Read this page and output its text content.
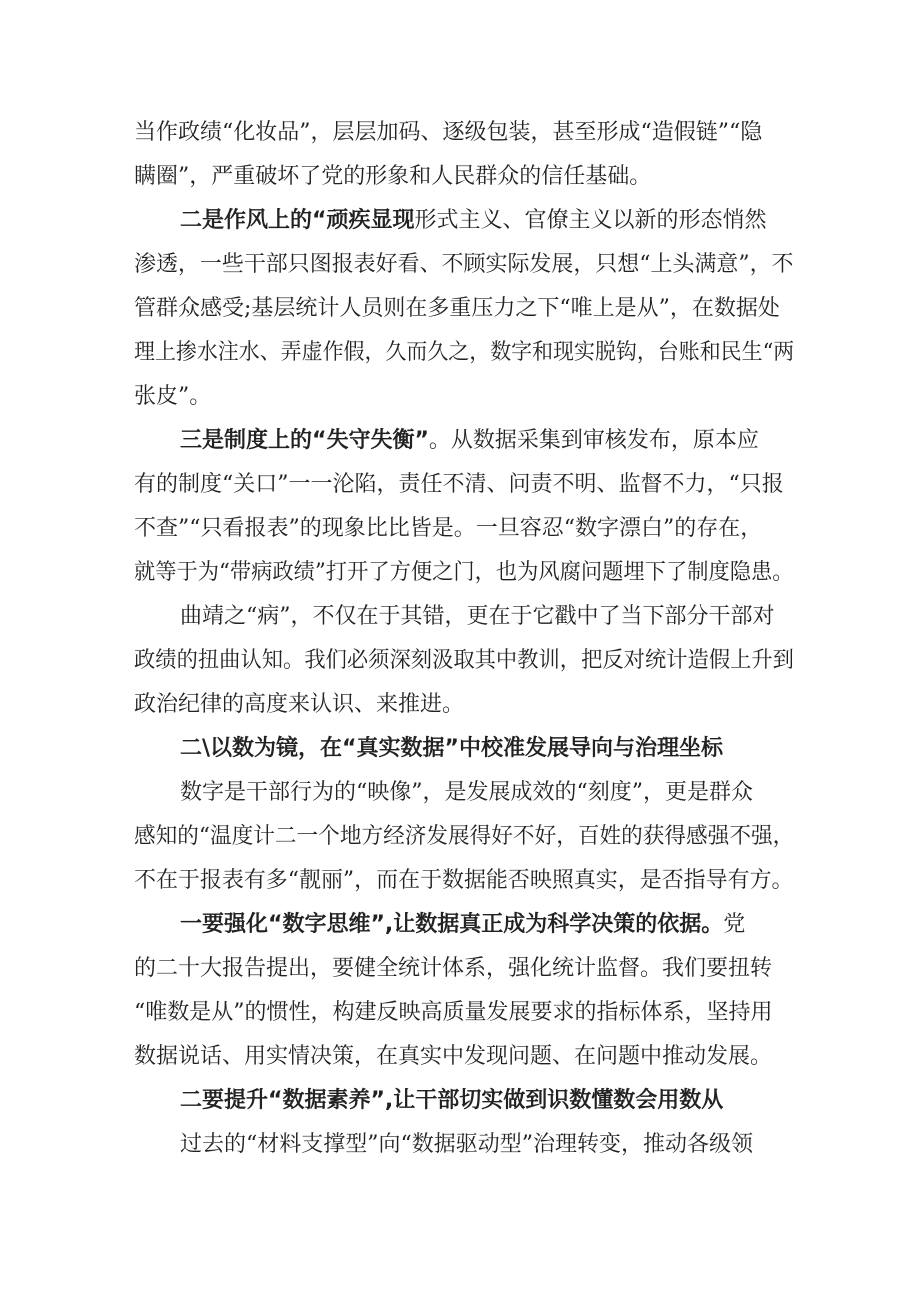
当作政绩“化妆品”，层层加码、逐级包装，甚至形成“造假链”“隐
瞒圈”，严重破坏了党的形象和人民群众的信任基础。
二是作风上的“顽疾显现形式主义、官僚主义以新的形态悄然
渗透，一些干部只图报表好看、不顾实际发展，只想“上头满意”，不
管群众感受;基层统计人员则在多重压力之下“唯上是从”，在数据处
理上掺水注水、弄虚作假，久而久之，数字和现实脱钩，台账和民生“两
张皮”。
三是制度上的“失守失衡”。从数据采集到审核发布，原本应
有的制度“关口”一一沦陷，责任不清、问责不明、监督不力，“只报
不查”“只看报表”的现象比比皆是。一旦容忍“数字漂白”的存在，
就等于为“带病政绩”打开了方便之门，也为风腐问题埋下了制度隐患。
曲靖之“病”，不仅在于其错，更在于它戳中了当下部分干部对
政绩的扭曲认知。我们必须深刻汲取其中教训，把反对统计造假上升到
政治纪律的高度来认识、来推进。
二\以数为镜，在“真实数据”中校准发展导向与治理坐标
数字是干部行为的“映像”，是发展成效的“刻度”，更是群众
感知的“温度计二一个地方经济发展得好不好，百姓的获得感强不强，
不在于报表有多“靓丽”，而在于数据能否映照真实，是否指导有方。
一要强化“数字思维”,让数据真正成为科学决策的依据。党
的二十大报告提出，要健全统计体系，强化统计监督。我们要扭转
“唯数是从”的惯性，构建反映高质量发展要求的指标体系，坚持用
数据说话、用实情决策，在真实中发现问题、在问题中推动发展。
二要提升“数据素养”,让干部切实做到识数懂数会用数从
过去的“材料支撑型”向“数据驱动型”治理转变，推动各级领
